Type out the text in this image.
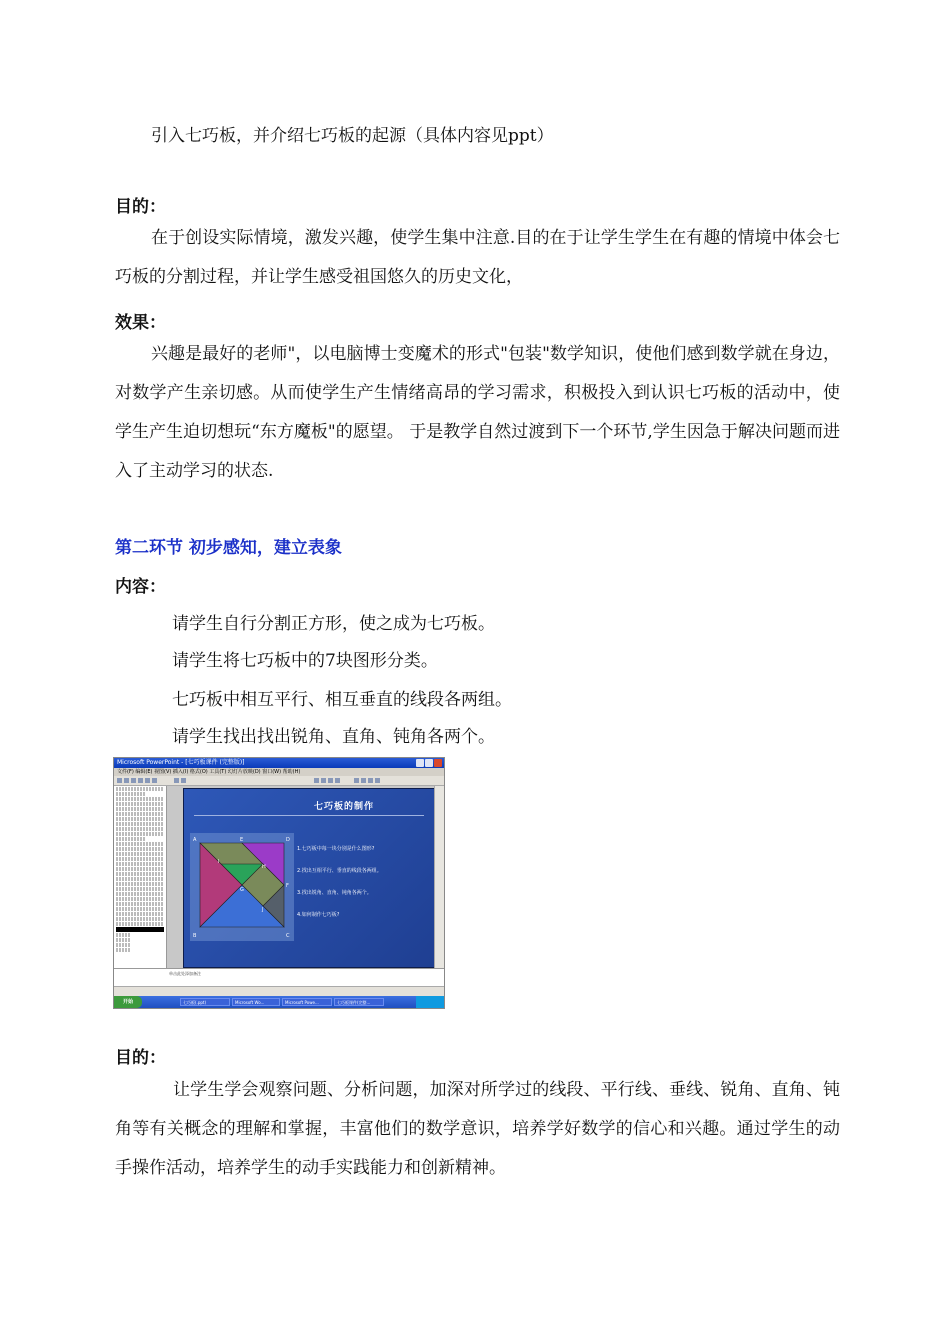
引入七巧板，并介绍七巧板的起源（具体内容见ppt）

目的：

在于创设实际情境，激发兴趣，使学生集中注意.目的在于让学生学生在有趣的情境中体会七巧板的分割过程，并让学生感受祖国悠久的历史文化，

效果：

兴趣是最好的老师"，以电脑博士变魔术的形式"包装"数学知识，使他们感到数学就在身边，对数学产生亲切感。从而使学生产生情绪高昂的学习需求，积极投入到认识七巧板的活动中，使学生产生迫切想玩“东方魔板"的愿望。 于是教学自然过渡到下一个环节,学生因急于解决问题而进入了主动学习的状态.

第二环节 初步感知，建立表象

内容：

请学生自行分割正方形，使之成为七巧板。

请学生将七巧板中的7块图形分类。

七巧板中相互平行、相互垂直的线段各两组。

请学生找出找出锐角、直角、钝角各两个。

Microsoft PowerPoint - [七巧板课件 (完整版)]
文件(F) 编辑(E) 视图(V) 插入(I) 格式(O) 工具(T) 幻灯片放映(D) 窗口(W) 帮助(H)
七巧板的制作
A	E	D
I
H
F
G
J
B	C
1.七巧板中每一块分别是什么图形?
2.找出互相平行、垂直的线段各两组。
3.找出锐角、直角、钝角各两个。
4.如何制作七巧板?
单击此处添加备注
开始	七巧板(.ppt)	Microsoft Wo...	Microsoft Powe...	七巧板课件(完整...

目的：

让学生学会观察问题、分析问题，加深对所学过的线段、平行线、垂线、锐角、直角、钝角等有关概念的理解和掌握，丰富他们的数学意识，培养学好数学的信心和兴趣。通过学生的动手操作活动，培养学生的动手实践能力和创新精神。
